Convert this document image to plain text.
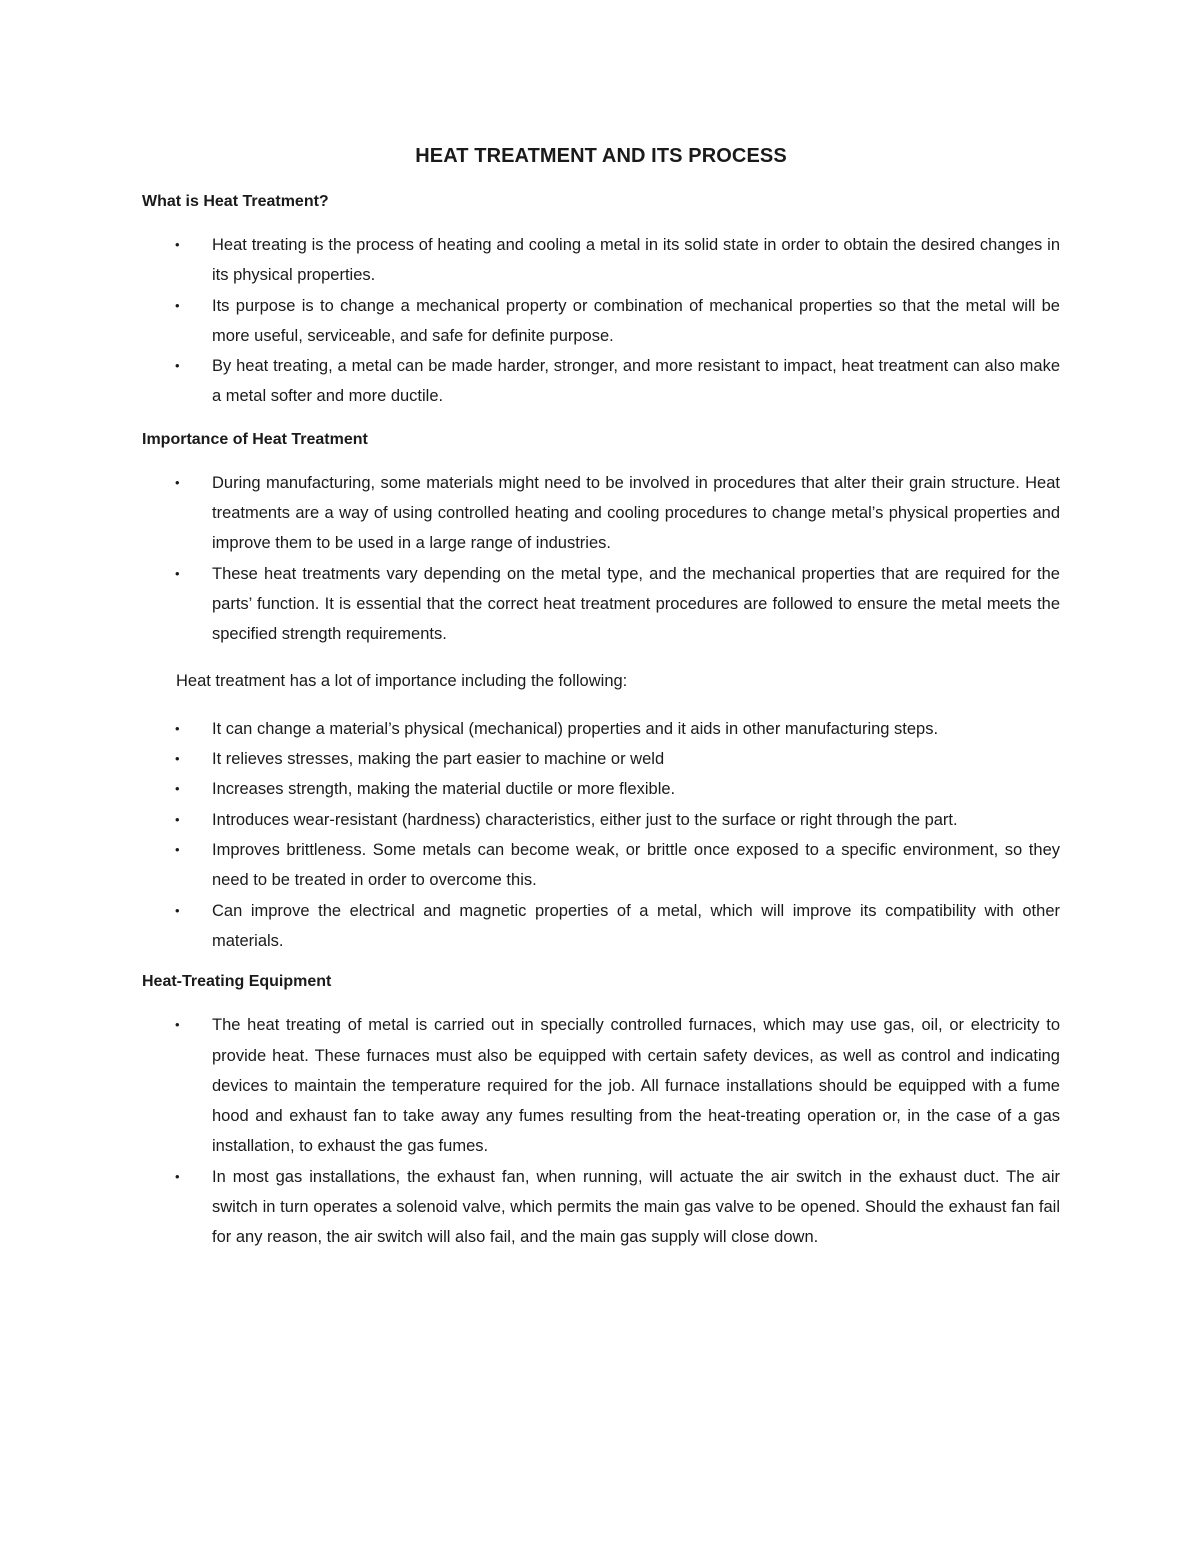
HEAT TREATMENT AND ITS PROCESS
What is Heat Treatment?
• Heat treating is the process of heating and cooling a metal in its solid state in order to obtain the desired changes in its physical properties.
• Its purpose is to change a mechanical property or combination of mechanical properties so that the metal will be more useful, serviceable, and safe for definite purpose.
• By heat treating, a metal can be made harder, stronger, and more resistant to impact, heat treatment can also make a metal softer and more ductile.
Importance of Heat Treatment
• During manufacturing, some materials might need to be involved in procedures that alter their grain structure. Heat treatments are a way of using controlled heating and cooling procedures to change metal’s physical properties and improve them to be used in a large range of industries.
• These heat treatments vary depending on the metal type, and the mechanical properties that are required for the parts’ function. It is essential that the correct heat treatment procedures are followed to ensure the metal meets the specified strength requirements.

Heat treatment has a lot of importance including the following:

• It can change a material’s physical (mechanical) properties and it aids in other manufacturing steps.
• It relieves stresses, making the part easier to machine or weld
• Increases strength, making the material ductile or more flexible.
• Introduces wear-resistant (hardness) characteristics, either just to the surface or right through the part.
• Improves brittleness. Some metals can become weak, or brittle once exposed to a specific environment, so they need to be treated in order to overcome this.
• Can improve the electrical and magnetic properties of a metal, which will improve its compatibility with other materials.
Heat-Treating Equipment
• The heat treating of metal is carried out in specially controlled furnaces, which may use gas, oil, or electricity to provide heat. These furnaces must also be equipped with certain safety devices, as well as control and indicating devices to maintain the temperature required for the job. All furnace installations should be equipped with a fume hood and exhaust fan to take away any fumes resulting from the heat-treating operation or, in the case of a gas installation, to exhaust the gas fumes.
• In most gas installations, the exhaust fan, when running, will actuate the air switch in the exhaust duct. The air switch in turn operates a solenoid valve, which permits the main gas valve to be opened. Should the exhaust fan fail for any reason, the air switch will also fail, and the main gas supply will close down.
